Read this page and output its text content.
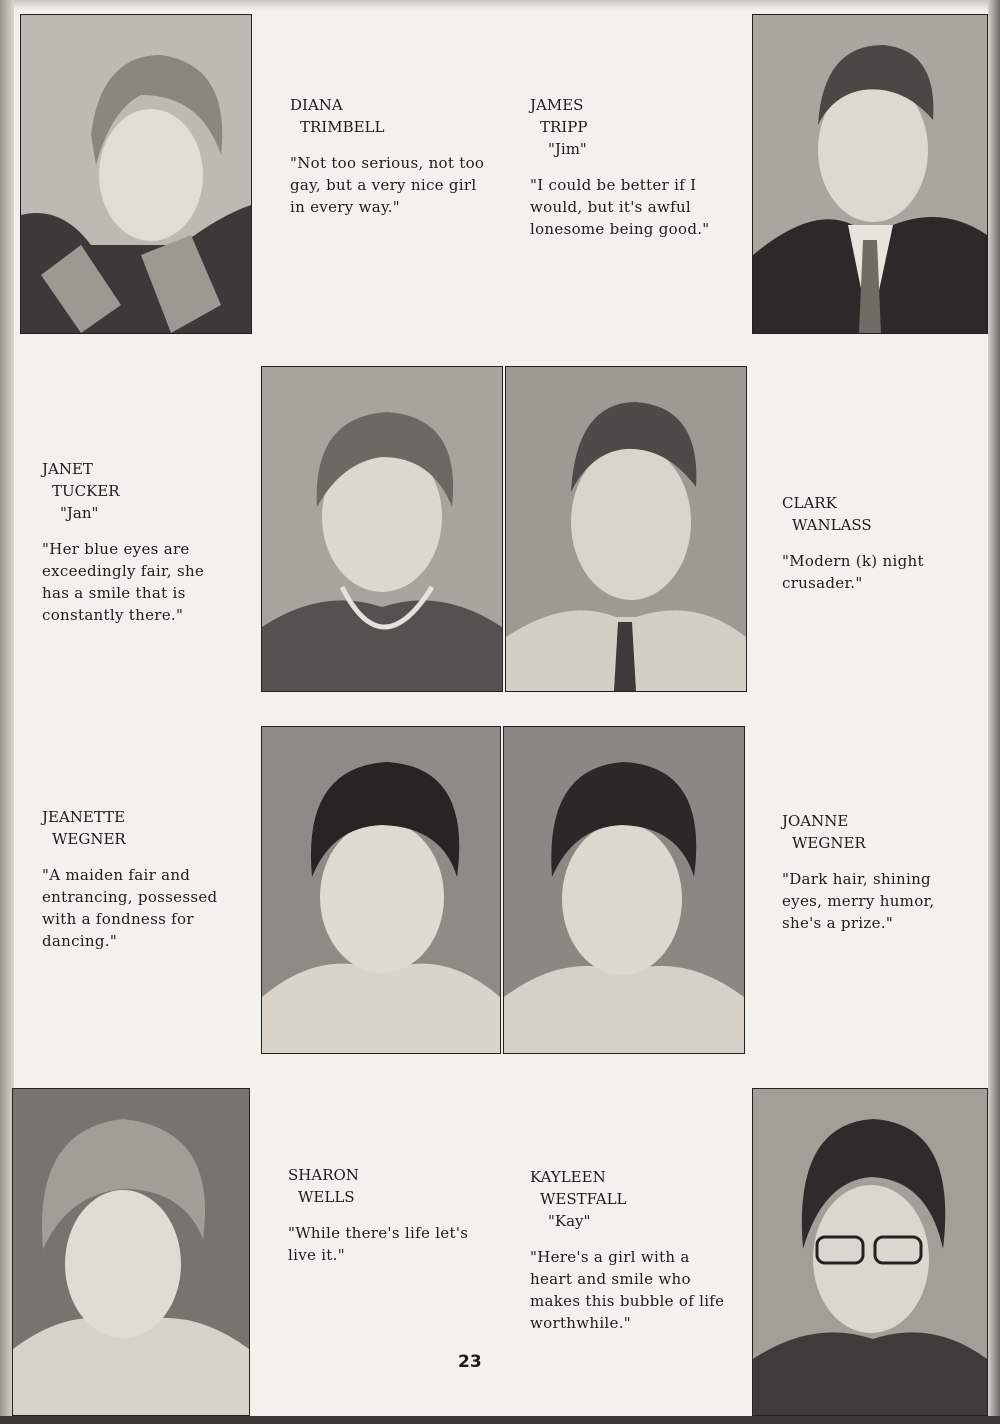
DIANA
TRIMBELL
"Not too serious, not too gay, but a very nice girl in every way."
JAMES
TRIPP
"Jim"
"I could be better if I would, but it's awful lonesome being good."
JANET
TUCKER
"Jan"
"Her blue eyes are exceedingly fair, she has a smile that is constantly there."
CLARK
WANLASS
"Modern (k) night crusader."
JEANETTE
WEGNER
"A maiden fair and entrancing, possessed with a fondness for dancing."
JOANNE
WEGNER
"Dark hair, shining eyes, merry humor, she's a prize."
SHARON
WELLS
"While there's life let's live it."
KAYLEEN
WESTFALL
"Kay"
"Here's a girl with a heart and smile who makes this bubble of life worthwhile."
23
